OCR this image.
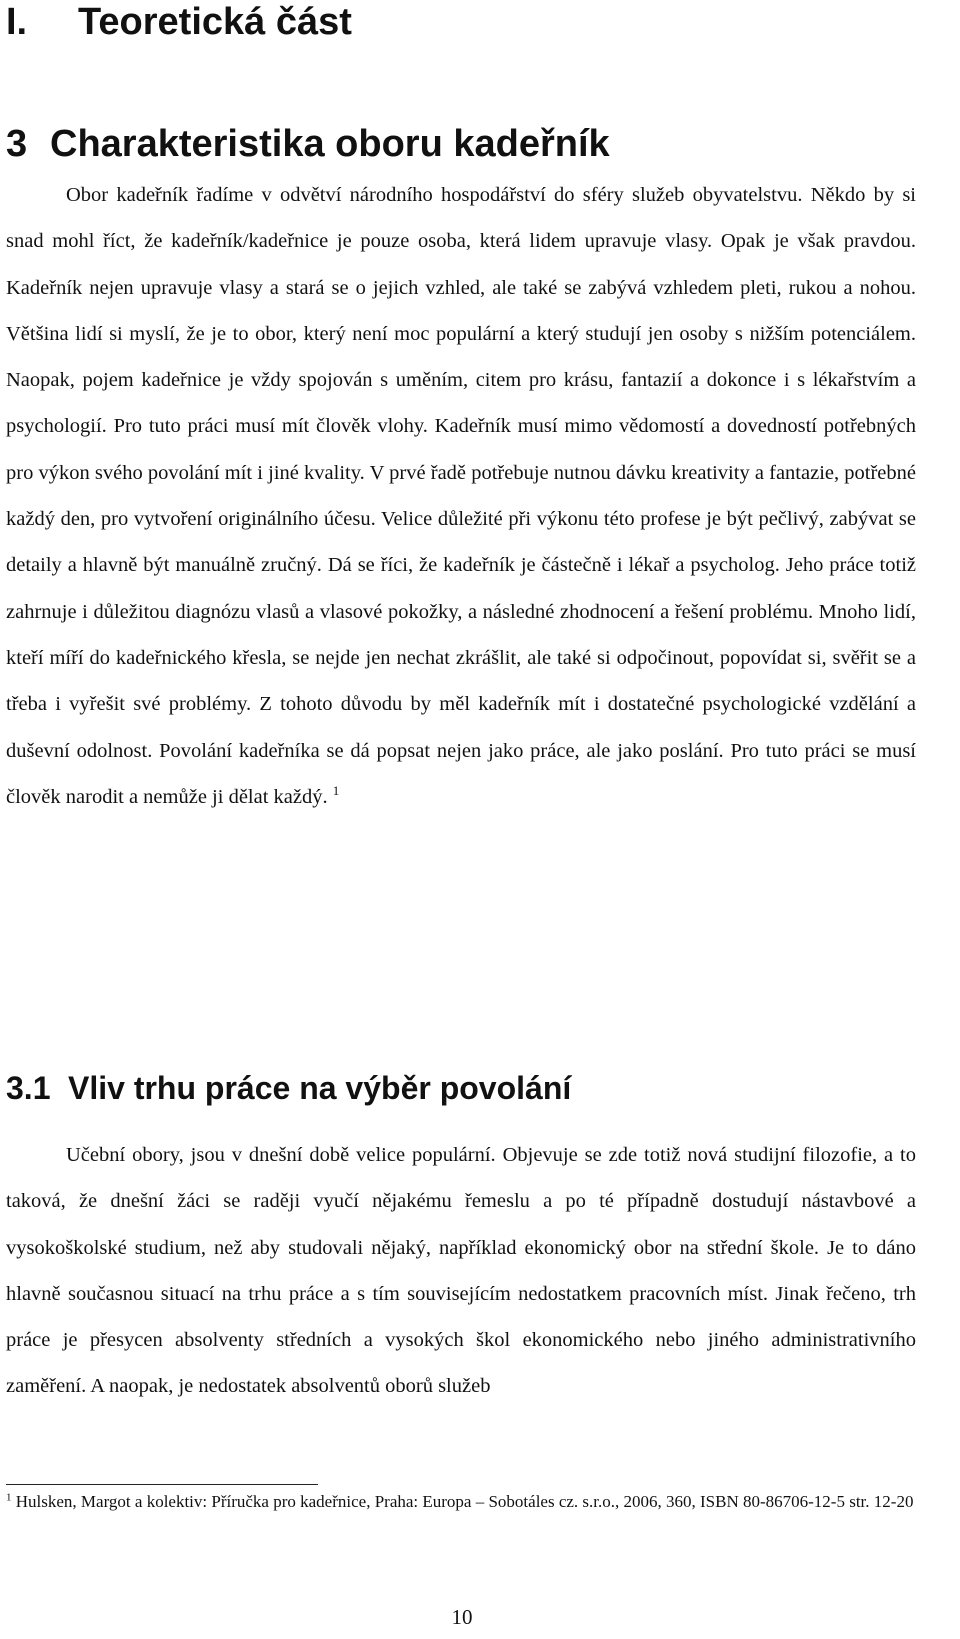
I. Teoretická část
3 Charakteristika oboru kadeřník

Obor kadeřník řadíme v odvětví národního hospodářství do sféry služeb obyvatelstvu. Někdo by si snad mohl říct, že kadeřník/kadeřnice je pouze osoba, která lidem upravuje vlasy. Opak je však pravdou. Kadeřník nejen upravuje vlasy a stará se o jejich vzhled, ale také se zabývá vzhledem pleti, rukou a nohou. Většina lidí si myslí, že je to obor, který není moc populární a který studují jen osoby s nižším potenciálem. Naopak, pojem kadeřnice je vždy spojován s uměním, citem pro krásu, fantazií a dokonce i s lékařstvím a psychologií. Pro tuto práci musí mít člověk vlohy. Kadeřník musí mimo vědomostí a dovedností potřebných pro výkon svého povolání mít i jiné kvality. V prvé řadě potřebuje nutnou dávku kreativity a fantazie, potřebné každý den, pro vytvoření originálního účesu. Velice důležité při výkonu této profese je být pečlivý, zabývat se detaily a hlavně být manuálně zručný. Dá se říci, že kadeřník je částečně i lékař a psycholog. Jeho práce totiž zahrnuje i důležitou diagnózu vlasů a vlasové pokožky, a následné zhodnocení a řešení problému. Mnoho lidí, kteří míří do kadeřnického křesla, se nejde jen nechat zkrášlit, ale také si odpočinout, popovídat si, svěřit se a třeba i vyřešit své problémy. Z tohoto důvodu by měl kadeřník mít i dostatečné psychologické vzdělání a duševní odolnost. Povolání kadeřníka se dá popsat nejen jako práce, ale jako poslání. Pro tuto práci se musí člověk narodit a nemůže ji dělat každý. $^1$

3.1 Vliv trhu práce na výběr povolání

Učební obory, jsou v dnešní době velice populární. Objevuje se zde totiž nová studijní filozofie, a to taková, že dnešní žáci se raději vyučí nějakému řemeslu a po té případně dostudují nástavbové a vysokoškolské studium, než aby studovali nějaký, například ekonomický obor na střední škole. Je to dáno hlavně současnou situací na trhu práce a s tím souvisejícím nedostatkem pracovních míst. Jinak řečeno, trh práce je přesycen absolventy středních a vysokých škol ekonomického nebo jiného administrativního zaměření. A naopak, je nedostatek absolventů oborů služeb

$^1$ Hulsken, Margot a kolektiv: Příručka pro kadeřnice, Praha: Europa – Sobotáles cz. s.r.o., 2006, 360, ISBN 80-86706-12-5 str. 12-20

10
